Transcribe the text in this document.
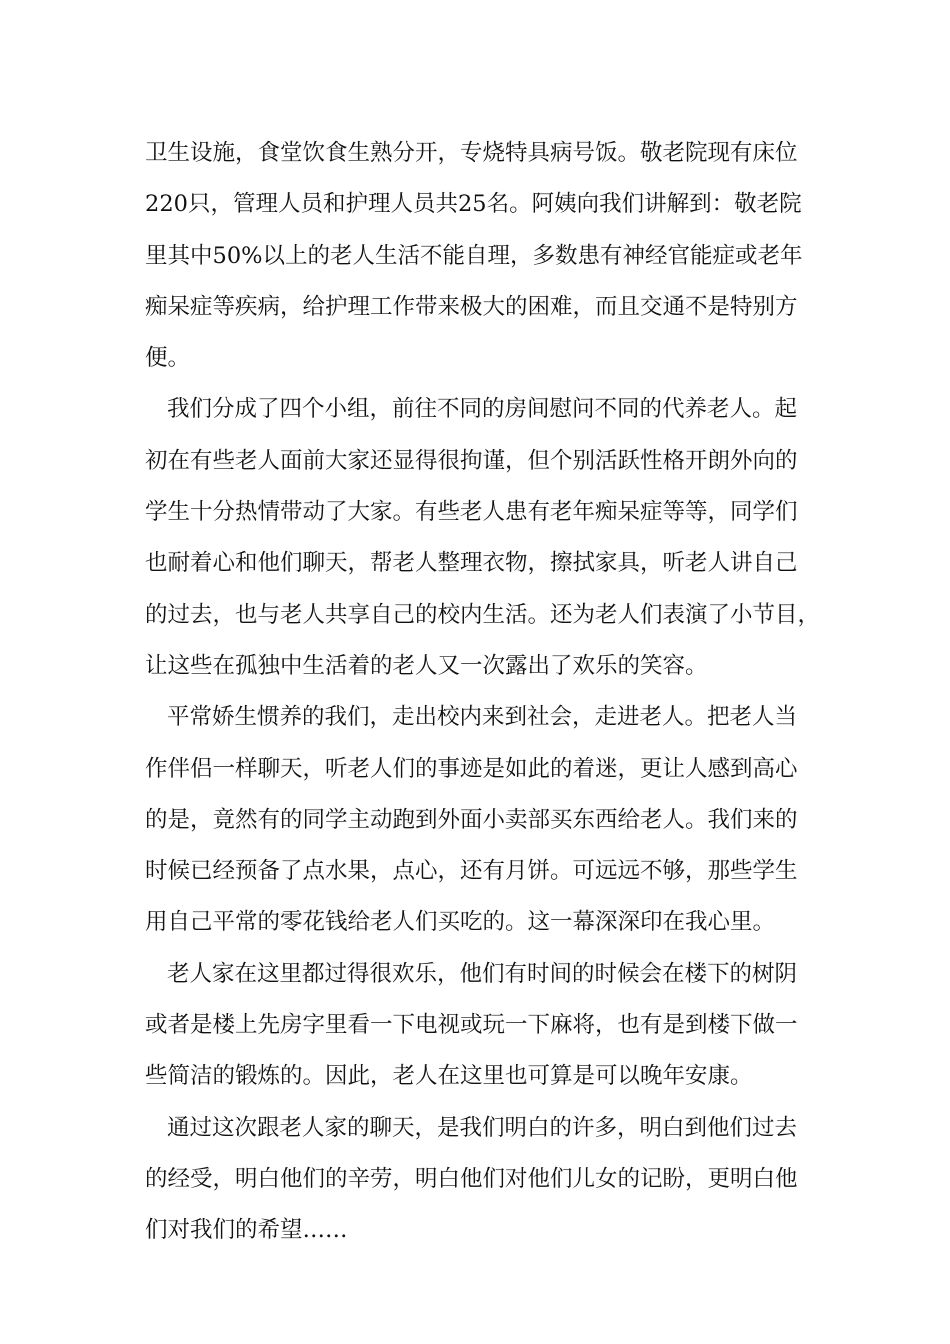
卫生设施，食堂饮食生熟分开，专烧特具病号饭。敬老院现有床位
220只，管理人员和护理人员共25名。阿姨向我们讲解到：敬老院
里其中50%以上的老人生活不能自理，多数患有神经官能症或老年
痴呆症等疾病，给护理工作带来极大的困难，而且交通不是特别方
便。
我们分成了四个小组，前往不同的房间慰问不同的代养老人。起
初在有些老人面前大家还显得很拘谨，但个别活跃性格开朗外向的
学生十分热情带动了大家。有些老人患有老年痴呆症等等，同学们
也耐着心和他们聊天，帮老人整理衣物，擦拭家具，听老人讲自己
的过去，也与老人共享自己的校内生活。还为老人们表演了小节目，
让这些在孤独中生活着的老人又一次露出了欢乐的笑容。
平常娇生惯养的我们，走出校内来到社会，走进老人。把老人当
作伴侣一样聊天，听老人们的事迹是如此的着迷，更让人感到高心
的是，竟然有的同学主动跑到外面小卖部买东西给老人。我们来的
时候已经预备了点水果，点心，还有月饼。可远远不够，那些学生
用自己平常的零花钱给老人们买吃的。这一幕深深印在我心里。
老人家在这里都过得很欢乐，他们有时间的时候会在楼下的树阴
或者是楼上先房字里看一下电视或玩一下麻将，也有是到楼下做一
些简洁的锻炼的。因此，老人在这里也可算是可以晚年安康。
通过这次跟老人家的聊天，是我们明白的许多，明白到他们过去
的经受，明白他们的辛劳，明白他们对他们儿女的记盼，更明白他
们对我们的希望……
